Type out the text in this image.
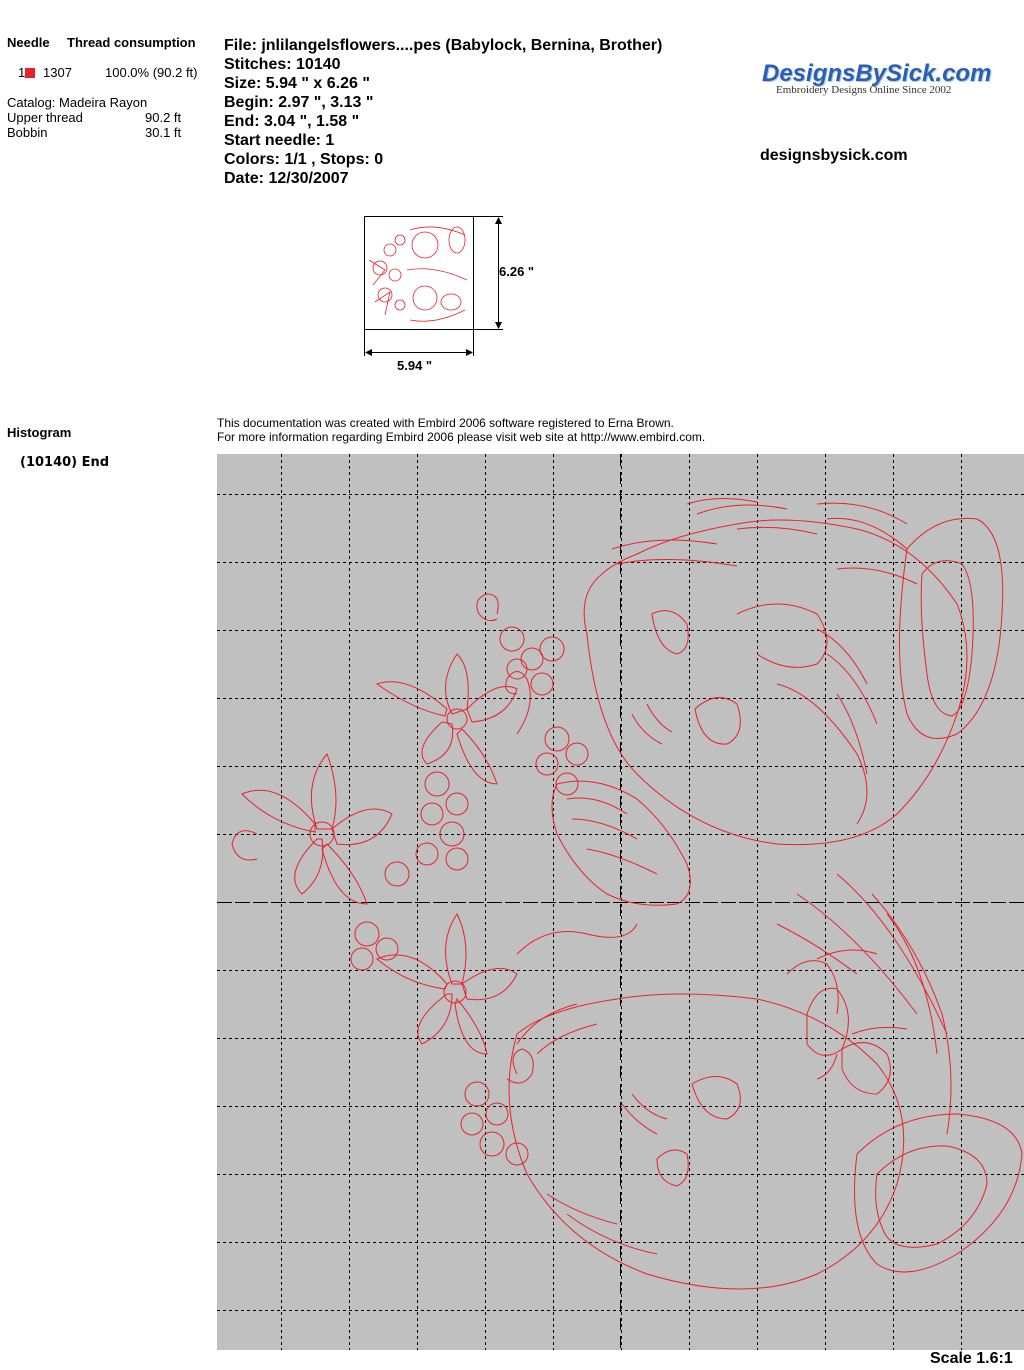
Needle Thread consumption
1	1307	100.0% (90.2 ft)
Catalog: Madeira Rayon
Upper thread	90.2 ft
Bobbin	30.1 ft
File: jnlilangelsflowers....pes (Babylock, Bernina, Brother)
Stitches: 10140
Size: 5.94 " x 6.26 "
Begin: 2.97 ", 3.13 "
End: 3.04 ", 1.58 "
Start needle: 1
Colors: 1/1 , Stops: 0
Date: 12/30/2007
DesignsBySick.com
Embroidery Designs Online Since 2002
designsbysick.com
6.26 "
5.94 "
Histogram
(10140) End
This documentation was created with Embird 2006 software registered to Erna Brown.
For more information regarding Embird 2006 please visit web site at http://www.embird.com.
Scale 1.6:1
